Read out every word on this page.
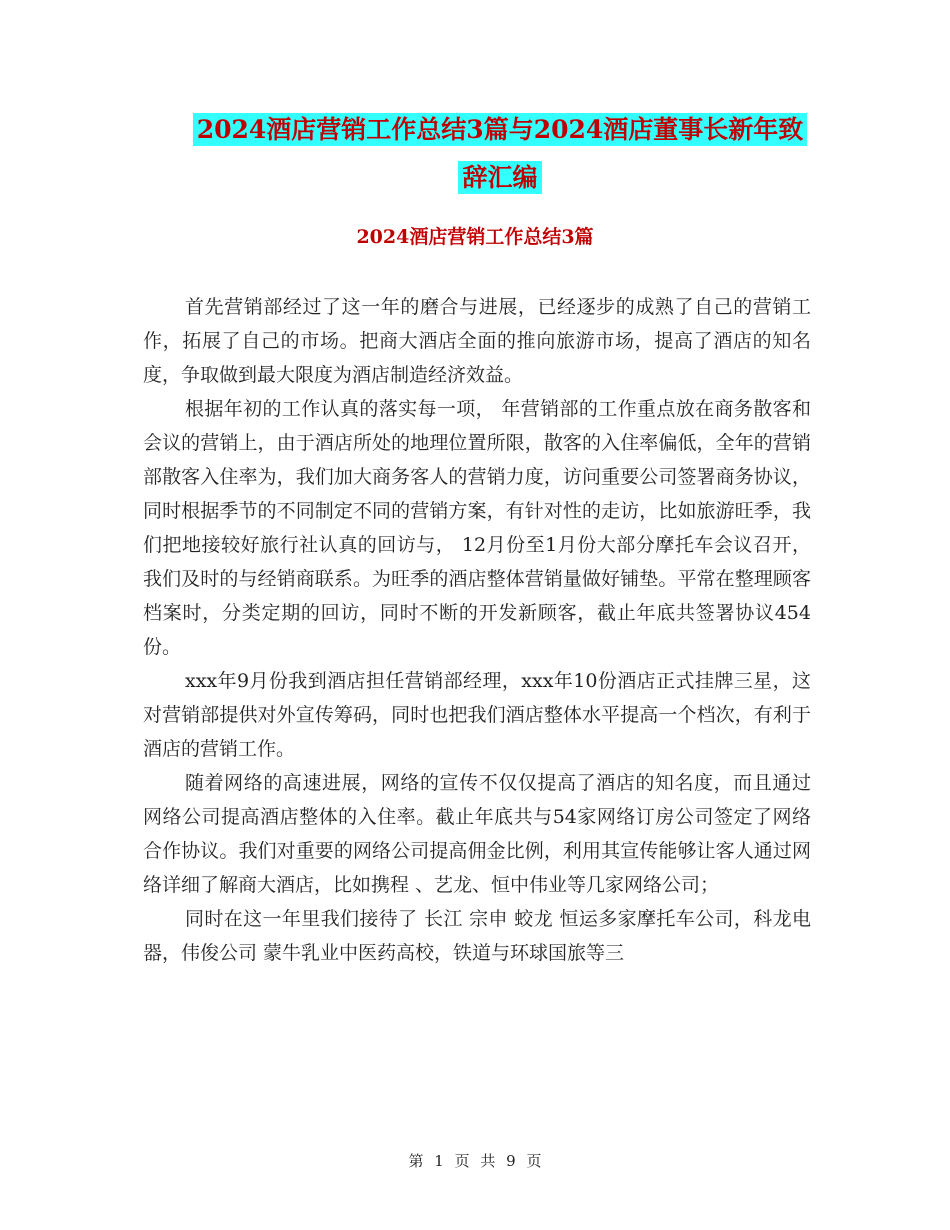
2024酒店营销工作总结3篇与2024酒店董事长新年致
辞汇编
2024酒店营销工作总结3篇

首先营销部经过了这一年的磨合与进展，已经逐步的成熟了自己的营销工作，拓展了自己的市场。把商大酒店全面的推向旅游市场，提高了酒店的知名度，争取做到最大限度为酒店制造经济效益。

根据年初的工作认真的落实每一项， 年营销部的工作重点放在商务散客和会议的营销上，由于酒店所处的地理位置所限，散客的入住率偏低，全年的营销部散客入住率为，我们加大商务客人的营销力度，访问重要公司签署商务协议，同时根据季节的不同制定不同的营销方案，有针对性的走访，比如旅游旺季，我们把地接较好旅行社认真的回访与， 12月份至1月份大部分摩托车会议召开，我们及时的与经销商联系。为旺季的酒店整体营销量做好铺垫。平常在整理顾客档案时，分类定期的回访，同时不断的开发新顾客，截止年底共签署协议454份。

xxx年9月份我到酒店担任营销部经理，xxx年10份酒店正式挂牌三星，这对营销部提供对外宣传筹码，同时也把我们酒店整体水平提高一个档次，有利于酒店的营销工作。

随着网络的高速进展，网络的宣传不仅仅提高了酒店的知名度，而且通过网络公司提高酒店整体的入住率。截止年底共与54家网络订房公司签定了网络合作协议。我们对重要的网络公司提高佣金比例，利用其宣传能够让客人通过网络详细了解商大酒店，比如携程 、艺龙、恒中伟业等几家网络公司；

同时在这一年里我们接待了 长江 宗申 蛟龙 恒运多家摩托车公司，科龙电器，伟俊公司 蒙牛乳业中医药高校，铁道与环球国旅等三

第 1 页 共 9 页
